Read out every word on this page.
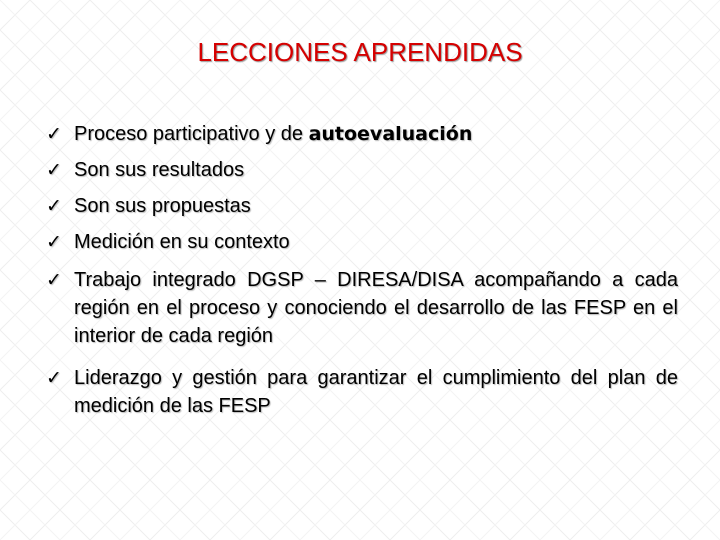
LECCIONES APRENDIDAS
✓ Proceso participativo y de autoevaluación
✓ Son sus resultados
✓ Son sus propuestas
✓ Medición en su contexto
✓ Trabajo integrado DGSP – DIRESA/DISA acompañando a cada región en el proceso y conociendo el desarrollo de las FESP en el interior de cada región
✓ Liderazgo y gestión para garantizar el cumplimiento del plan de medición de las FESP
